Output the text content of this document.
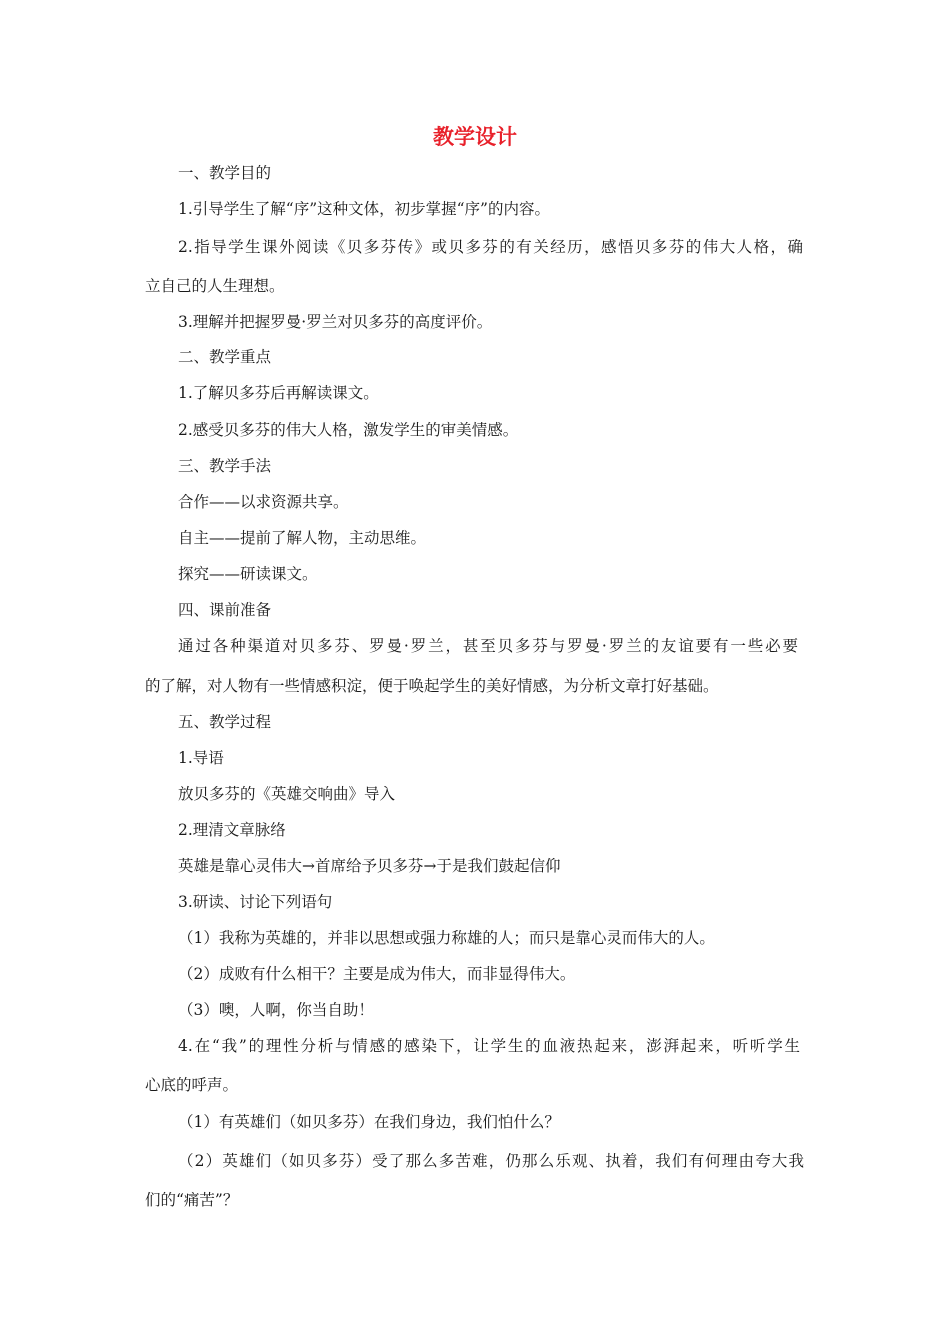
教学设计
一、教学目的
1.引导学生了解“序”这种文体，初步掌握“序”的内容。
2.指导学生课外阅读《贝多芬传》或贝多芬的有关经历，感悟贝多芬的伟大人格，确
立自己的人生理想。
3.理解并把握罗曼·罗兰对贝多芬的高度评价。
二、教学重点
1.了解贝多芬后再解读课文。
2.感受贝多芬的伟大人格，激发学生的审美情感。
三、教学手法
合作——以求资源共享。
自主——提前了解人物，主动思维。
探究——研读课文。
四、课前准备
通过各种渠道对贝多芬、罗曼·罗兰，甚至贝多芬与罗曼·罗兰的友谊要有一些必要
的了解，对人物有一些情感积淀，便于唤起学生的美好情感，为分析文章打好基础。
五、教学过程
1.导语
放贝多芬的《英雄交响曲》导入
2.理清文章脉络
英雄是靠心灵伟大→首席给予贝多芬→于是我们鼓起信仰
3.研读、讨论下列语句
（1）我称为英雄的，并非以思想或强力称雄的人；而只是靠心灵而伟大的人。
（2）成败有什么相干？主要是成为伟大，而非显得伟大。
（3）噢，人啊，你当自助！
4.在“我”的理性分析与情感的感染下，让学生的血液热起来，澎湃起来，听听学生
心底的呼声。
（1）有英雄们（如贝多芬）在我们身边，我们怕什么？
（2）英雄们（如贝多芬）受了那么多苦难，仍那么乐观、执着，我们有何理由夸大我
们的“痛苦”？
